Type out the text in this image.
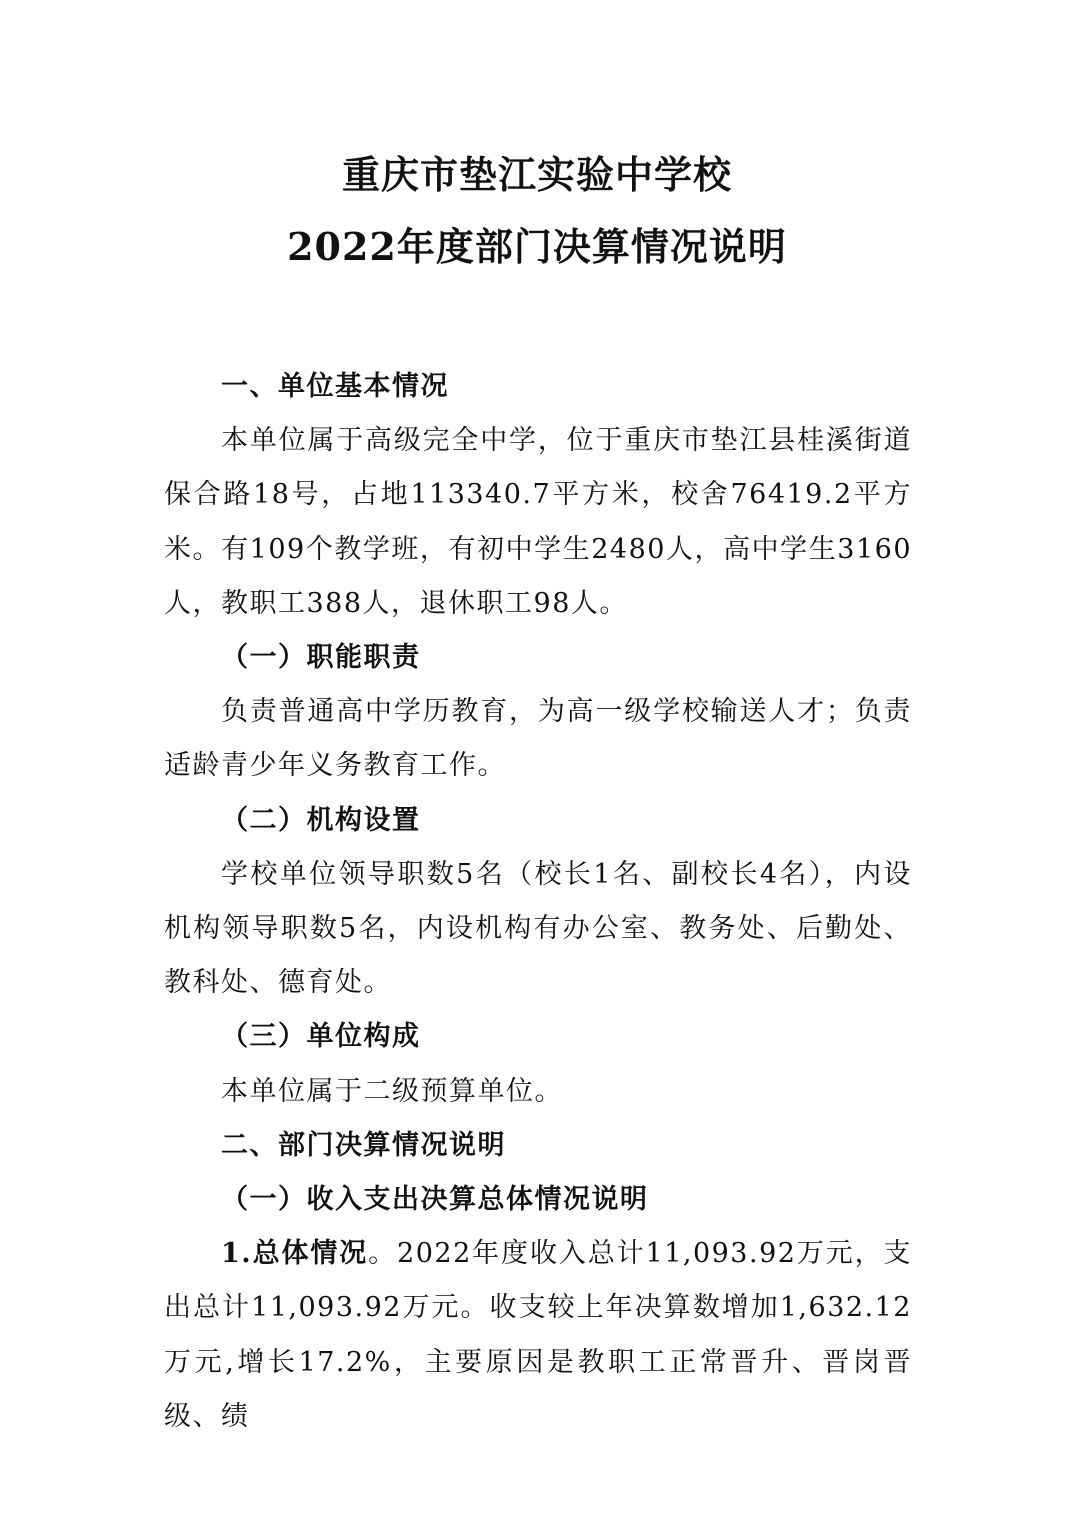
重庆市垫江实验中学校
2022年度部门决算情况说明

一、单位基本情况

本单位属于高级完全中学，位于重庆市垫江县桂溪街道保合路18号，占地113340.7平方米，校舍76419.2平方米。有109个教学班，有初中学生2480人，高中学生3160人，教职工388人，退休职工98人。

（一）职能职责

负责普通高中学历教育，为高一级学校输送人才；负责适龄青少年义务教育工作。

（二）机构设置

学校单位领导职数5名（校长1名、副校长4名），内设机构领导职数5名，内设机构有办公室、教务处、后勤处、教科处、德育处。

（三）单位构成

本单位属于二级预算单位。

二、部门决算情况说明

（一）收入支出决算总体情况说明

1.总体情况。2022年度收入总计11,093.92万元，支出总计11,093.92万元。收支较上年决算数增加1,632.12万元,增长17.2%，主要原因是教职工正常晋升、晋岗晋级、绩
